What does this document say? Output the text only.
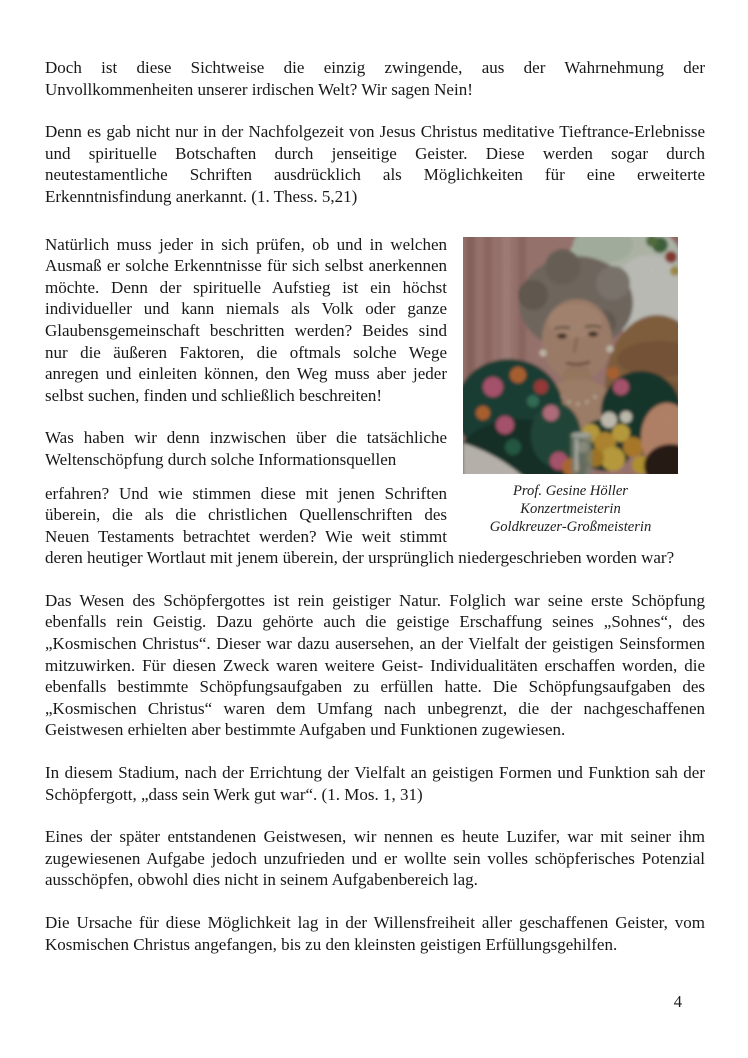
Doch ist diese Sichtweise die einzig zwingende, aus der Wahrnehmung der Unvollkommenheiten unserer irdischen Welt? Wir sagen Nein!

Denn es gab nicht nur in der Nachfolgezeit von Jesus Christus meditative Tieftrance-Erlebnisse und spirituelle Botschaften durch jenseitige Geister. Diese werden sogar durch neutestamentliche Schriften ausdrücklich als Möglichkeiten für eine erweiterte Erkenntnisfindung anerkannt. (1. Thess. 5,21)

Prof. Gesine Höller
Konzertmeisterin
Goldkreuzer-Großmeisterin

Natürlich muss jeder in sich prüfen, ob und in welchen Ausmaß er solche Erkenntnisse für sich selbst anerkennen möchte. Denn der spirituelle Aufstieg ist ein höchst individueller und kann niemals als Volk oder ganze Glaubensgemeinschaft beschritten werden? Beides sind nur die äußeren Faktoren, die oftmals solche Wege anregen und einleiten können, den Weg muss aber jeder selbst suchen, finden und schließlich beschreiten!

Was haben wir denn inzwischen über die tatsächliche Weltenschöpfung durch solche Informationsquellen

erfahren? Und wie stimmen diese mit jenen Schriften überein, die als die christlichen Quellenschriften des Neuen Testaments betrachtet werden? Wie weit stimmt deren heutiger Wortlaut mit jenem überein, der ursprünglich niedergeschrieben worden war?

Das Wesen des Schöpfergottes ist rein geistiger Natur. Folglich war seine erste Schöpfung ebenfalls rein Geistig. Dazu gehörte auch die geistige Erschaffung seines „Sohnes“, des „Kosmischen Christus“. Dieser war dazu ausersehen, an der Vielfalt der geistigen Seinsformen mitzuwirken. Für diesen Zweck waren weitere Geist- Individualitäten erschaffen worden, die ebenfalls bestimmte Schöpfungsaufgaben zu erfüllen hatte. Die Schöpfungsaufgaben des „Kosmischen Christus“ waren dem Umfang nach unbegrenzt, die der nachgeschaffenen Geistwesen erhielten aber bestimmte Aufgaben und Funktionen zugewiesen.

In diesem Stadium, nach der Errichtung der Vielfalt an geistigen Formen und Funktion sah der Schöpfergott, „dass sein Werk gut war“. (1. Mos. 1, 31)

Eines der später entstandenen Geistwesen, wir nennen es heute Luzifer, war mit seiner ihm zugewiesenen Aufgabe jedoch unzufrieden und er wollte sein volles schöpferisches Potenzial ausschöpfen, obwohl dies nicht in seinem Aufgabenbereich lag.

Die Ursache für diese Möglichkeit lag in der Willensfreiheit aller geschaffenen Geister, vom Kosmischen Christus angefangen, bis zu den kleinsten geistigen Erfüllungsgehilfen.

4
